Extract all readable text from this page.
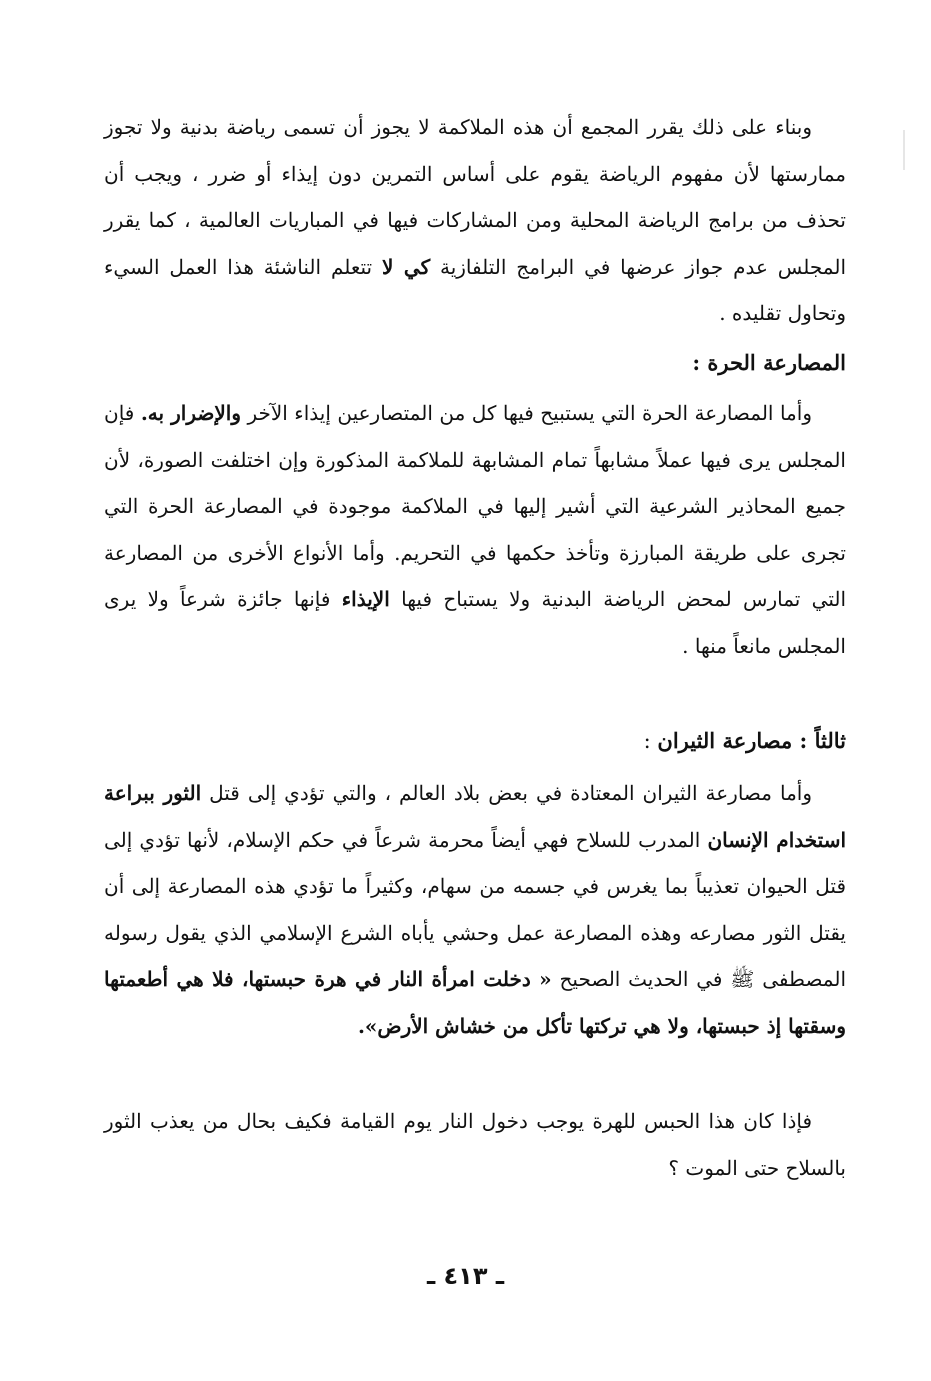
وبناء على ذلك يقرر المجمع أن هذه الملاكمة لا يجوز أن تسمى رياضة بدنية ولا تجوز ممارستها لأن مفهوم الرياضة يقوم على أساس التمرين دون إيذاء أو ضرر ، ويجب أن تحذف من برامج الرياضة المحلية ومن المشاركات فيها في المباريات العالمية ، كما يقرر المجلس عدم جواز عرضها في البرامج التلفازية كي لا تتعلم الناشئة هذا العمل السيء وتحاول تقليده .

المصارعة الحرة :

وأما المصارعة الحرة التي يستبيح فيها كل من المتصارعين إيذاء الآخر والإضرار به. فإن المجلس يرى فيها عملاً مشابهاً تمام المشابهة للملاكمة المذكورة وإن اختلفت الصورة، لأن جميع المحاذير الشرعية التي أشير إليها في الملاكمة موجودة في المصارعة الحرة التي تجرى على طريقة المبارزة وتأخذ حكمها في التحريم. وأما الأنواع الأخرى من المصارعة التي تمارس لمحض الرياضة البدنية ولا يستباح فيها الإيذاء فإنها جائزة شرعاً ولا يرى المجلس مانعاً منها .

ثالثاً : مصارعة الثيران :

وأما مصارعة الثيران المعتادة في بعض بلاد العالم ، والتي تؤدي إلى قتل الثور ببراعة استخدام الإنسان المدرب للسلاح فهي أيضاً محرمة شرعاً في حكم الإسلام، لأنها تؤدي إلى قتل الحيوان تعذيباً بما يغرس في جسمه من سهام، وكثيراً ما تؤدي هذه المصارعة إلى أن يقتل الثور مصارعه وهذه المصارعة عمل وحشي يأباه الشرع الإسلامي الذي يقول رسوله المصطفى ﷺ في الحديث الصحيح « دخلت امرأة النار في هرة حبستها، فلا هي أطعمتها وسقتها إذ حبستها، ولا هي تركتها تأكل من خشاش الأرض».

فإذا كان هذا الحبس للهرة يوجب دخول النار يوم القيامة فكيف بحال من يعذب الثور بالسلاح حتى الموت ؟

ـ ٤١٣ ـ
